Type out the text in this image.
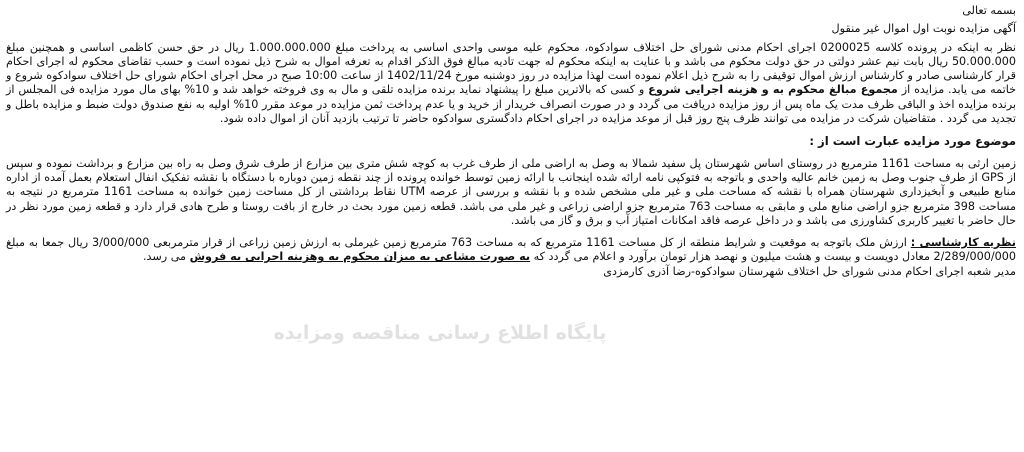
پایگاه اطلاع رسانی مناقصه ومزایده

بسمه تعالی

آگهی مزایده نوبت اول اموال غیر منقول

نظر به اینکه در پرونده کلاسه 0200025 اجرای احکام مدنی شورای حل اختلاف سوادکوه، محکوم علیه موسی واحدی اساسی به پرداخت مبلغ 1.000.000.000 ریال در حق حسن کاظمی اساسی و همچنین مبلغ 50.000.000 ریال بابت نیم عشر دولتی در حق دولت محکوم می باشد و با عنایت به اینکه محکوم له جهت تادیه مبالغ فوق الذکر اقدام به تعرفه اموال به شرح ذیل نموده است و حسب تقاضای محکوم له اجرای احکام قرار کارشناسی صادر و کارشناس ارزش اموال توقیفی را به شرح ذیل اعلام نموده است لهذا مزایده در روز دوشنبه مورخ 1402/11/24 از ساعت 10:00 صبح در محل اجرای احکام شورای حل اختلاف سوادکوه شروع و خاتمه می یابد. مزایده از مجموع مبالغ محکوم به و هزینه اجرایی شروع و کسی که بالاترین مبلغ را پیشنهاد نماید برنده مزایده تلقی و مال به وی فروخته خواهد شد و 10% بهای مال مورد مزایده فی المجلس از برنده مزایده اخذ و الباقی ظرف مدت یک ماه پس از روز مزایده دریافت می گردد و در صورت انصراف خریدار از خرید و یا عدم پرداخت ثمن مزایده در موعد مقرر 10% اولیه به نفع صندوق دولت ضبط و مزایده باطل و تجدید می گردد . متقاضیان شرکت در مزایده می توانند ظرف پنج روز قبل از موعد مزایده در اجرای احکام دادگستری سوادکوه حاضر تا ترتیب بازدید آنان از اموال داده شود.

موضوع مورد مزایده عبارت است از :

زمین ارثی به مساحت 1161 مترمربع در روستای اساس شهرستان پل سفید شمالا به وصل به اراضی ملی از طرف غرب به کوچه شش متری بین مزارع از طرف شرق وصل به راه بین مزارع و برداشت نموده و سپس از GPS از طرف جنوب وصل به زمین خانم عالیه واحدی و باتوجه به فتوکپی نامه ارائه شده اینجانب با ارائه زمین توسط خوانده پرونده از چند نقطه زمین دوباره با دستگاه با نقشه تفکیک انفال استعلام بعمل آمده از اداره منابع طبیعی و آبخیزداری شهرستان همراه با نقشه که مساحت ملی و غیر ملی مشخص شده و با نقشه و بررسی از عرصه UTM نقاط برداشتی از کل مساحت زمین خوانده به مساحت 1161 مترمربع در نتیجه به مساحت 398 مترمربع جزو اراضی منابع ملی و مابقی به مساحت 763 مترمربع جزو اراضی زراعی و غیر ملی می باشد. قطعه زمین مورد بحث در خارج از بافت روستا و طرح هادی قرار دارد و قطعه زمین مورد نظر در حال حاضر با تغییر کاربری کشاورزی می باشد و در داخل عرصه فاقد امکانات امتیاز آب و برق و گاز می باشد.

نظریه کارشناسی : ارزش ملک باتوجه به موقعیت و شرایط منطقه از کل مساحت 1161 مترمربع که به مساحت 763 مترمربع زمین غیرملی به ارزش زمین زراعی از قرار مترمربعی 3/000/000 ریال جمعا به مبلغ 2/289/000/000 معادل دویست و بیست و هشت میلیون و نهصد هزار تومان برآورد و اعلام می گردد که به صورت مشاعی به میزان محکوم به وهزینه اجرایی به فروش می رسد.

مدیر شعبه اجرای احکام مدنی شورای حل اختلاف شهرستان سوادکوه-رضا آذری کارمزدی
